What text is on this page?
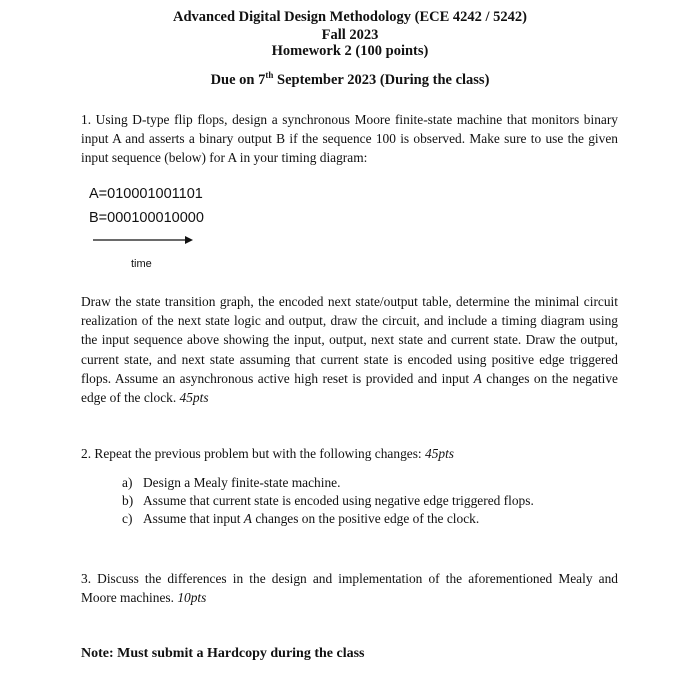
Advanced Digital Design Methodology (ECE 4242 / 5242)
Fall 2023
Homework 2 (100 points)
Due on 7th September 2023 (During the class)
1. Using D-type flip flops, design a synchronous Moore finite-state machine that monitors binary input A and asserts a binary output B if the sequence 100 is observed. Make sure to use the given input sequence (below) for A in your timing diagram:
A=010001001101
B=000100010000
time
Draw the state transition graph, the encoded next state/output table, determine the minimal circuit realization of the next state logic and output, draw the circuit, and include a timing diagram using the input sequence above showing the input, output, next state and current state. Draw the output, current state, and next state assuming that current state is encoded using positive edge triggered flops. Assume an asynchronous active high reset is provided and input A changes on the negative edge of the clock. 45pts
2. Repeat the previous problem but with the following changes: 45pts
a) Design a Mealy finite-state machine.
b) Assume that current state is encoded using negative edge triggered flops.
c) Assume that input A changes on the positive edge of the clock.
3. Discuss the differences in the design and implementation of the aforementioned Mealy and Moore machines. 10pts
Note: Must submit a Hardcopy during the class
